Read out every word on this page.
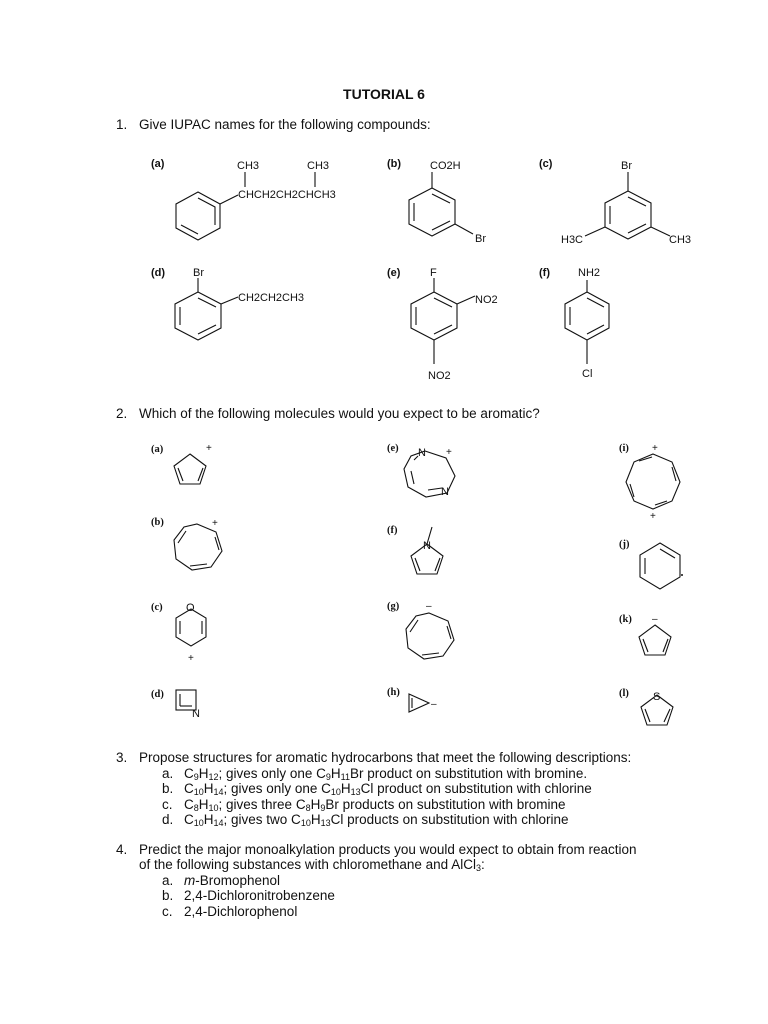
TUTORIAL 6
1. Give IUPAC names for the following compounds:
(a)	(b)	(c)
(d)	(e)	(f)
CH3	CH3
CHCH2CH2CHCH3
CO2H
Br
Br
H3C	CH3
Br
CH2CH2CH3
F
NO2
NO2
NH2
Cl
2. Which of the following molecules would you expect to be aromatic?
(a)
(b)
(c)
(d)
(e)
(f)
(g)
(h)
(i)
(j)
(k)
(l)
+
+
+
+	+
+
–
–
–
O
N
N
N
N
S
3. Propose structures for aromatic hydrocarbons that meet the following descriptions:
a. $C_9H_{12}$; gives only one $C_9H_{11}Br$ product on substitution with bromine.
b. $C_{10}H_{14}$; gives only one $C_{10}H_{13}Cl$ product on substitution with chlorine
c. $C_8H_{10}$; gives three $C_8H_9Br$ products on substitution with bromine
d. $C_{10}H_{14}$; gives two $C_{10}H_{13}Cl$ products on substitution with chlorine
4. Predict the major monoalkylation products you would expect to obtain from reaction
of the following substances with chloromethane and AlCl$_3$:
a. m-Bromophenol
b. 2,4-Dichloronitrobenzene
c. 2,4-Dichlorophenol
